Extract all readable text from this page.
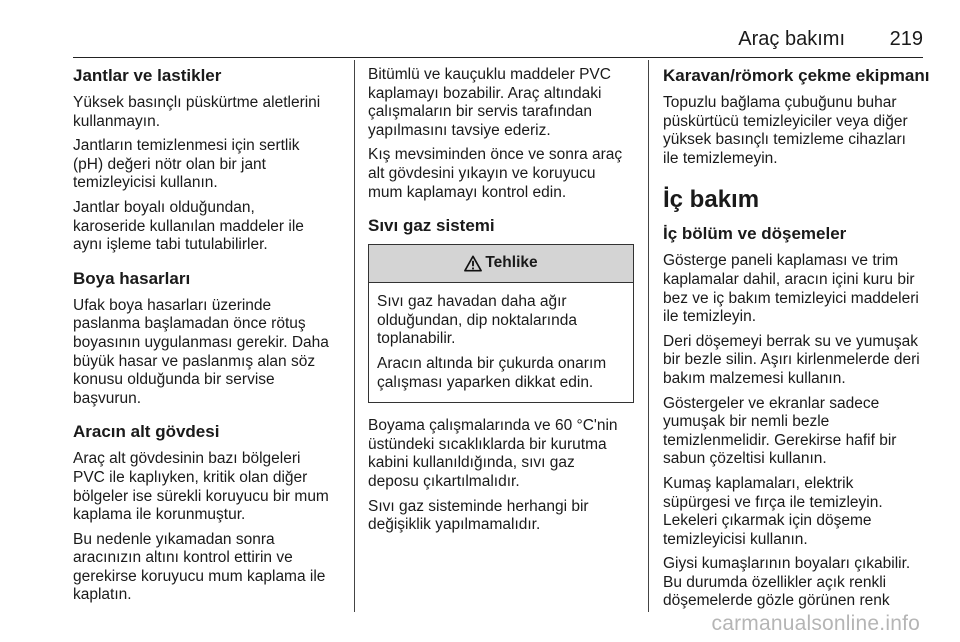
Araç bakımı 219
Jantlar ve lastikler

Yüksek basınçlı püskürtme aletlerini
kullanmayın.

Jantların temizlenmesi için sertlik
(pH) değeri nötr olan bir jant
temizleyicisi kullanın.

Jantlar boyalı olduğundan,
karoseride kullanılan maddeler ile
aynı işleme tabi tutulabilirler.

Boya hasarları

Ufak boya hasarları üzerinde
paslanma başlamadan önce rötuş
boyasının uygulanması gerekir. Daha
büyük hasar ve paslanmış alan söz
konusu olduğunda bir servise
başvurun.

Aracın alt gövdesi

Araç alt gövdesinin bazı bölgeleri
PVC ile kaplıyken, kritik olan diğer
bölgeler ise sürekli koruyucu bir mum
kaplama ile korunmuştur.

Bu nedenle yıkamadan sonra
aracınızın altını kontrol ettirin ve
gerekirse koruyucu mum kaplama ile
kaplatın.

Bitümlü ve kauçuklu maddeler PVC
kaplamayı bozabilir. Araç altındaki
çalışmaların bir servis tarafından
yapılmasını tavsiye ederiz.

Kış mevsiminden önce ve sonra araç
alt gövdesini yıkayın ve koruyucu
mum kaplamayı kontrol edin.

Sıvı gaz sistemi
Tehlike

Sıvı gaz havadan daha ağır
olduğundan, dip noktalarında
toplanabilir.

Aracın altında bir çukurda onarım
çalışması yaparken dikkat edin.

Boyama çalışmalarında ve 60 °C'nin
üstündeki sıcaklıklarda bir kurutma
kabini kullanıldığında, sıvı gaz
deposu çıkartılmalıdır.

Sıvı gaz sisteminde herhangi bir
değişiklik yapılmamalıdır.

Karavan/römork çekme ekipmanı

Topuzlu bağlama çubuğunu buhar
püskürtücü temizleyiciler veya diğer
yüksek basınçlı temizleme cihazları
ile temizlemeyin.

İç bakım
İç bölüm ve döşemeler

Gösterge paneli kaplaması ve trim
kaplamalar dahil, aracın içini kuru bir
bez ve iç bakım temizleyici maddeleri
ile temizleyin.

Deri döşemeyi berrak su ve yumuşak
bir bezle silin. Aşırı kirlenmelerde deri
bakım malzemesi kullanın.

Göstergeler ve ekranlar sadece
yumuşak bir nemli bezle
temizlenmelidir. Gerekirse hafif bir
sabun çözeltisi kullanın.

Kumaş kaplamaları, elektrik
süpürgesi ve fırça ile temizleyin.
Lekeleri çıkarmak için döşeme
temizleyicisi kullanın.

Giysi kumaşlarının boyaları çıkabilir.
Bu durumda özellikler açık renkli
döşemelerde gözle görünen renk

carmanualsonline.info
